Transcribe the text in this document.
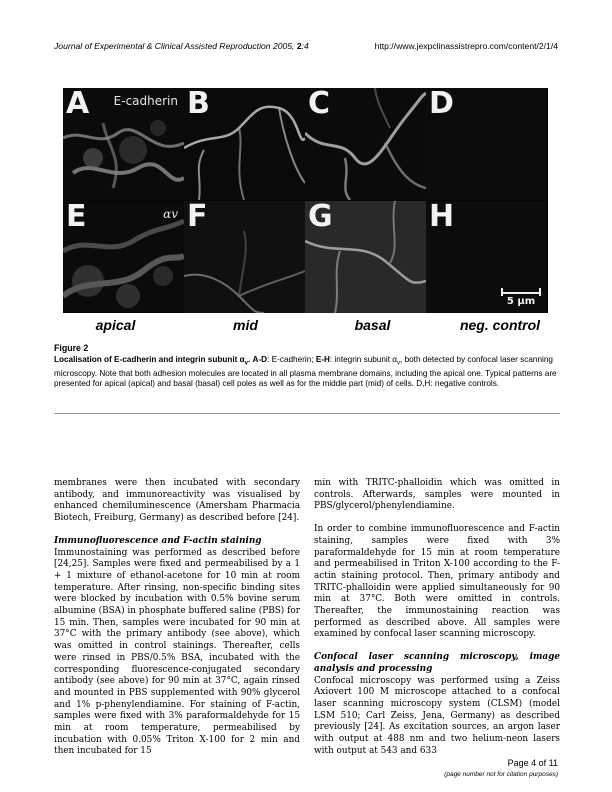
Journal of Experimental & Clinical Assisted Reproduction 2005, 2:4	http://www.jexpclinassistrepro.com/content/2/1/4
A E-cadherin B	C	D
E	αv F	G	H
5 µm
apical	mid	basal	neg. control
Figure 2
Localisation of E-cadherin and integrin subunit $\alpha_v$. A-D: E-cadherin; E-H: integrin subunit $\alpha_v$, both detected by confocal laser scanning microscopy. Note that both adhesion molecules are located in all plasma membrane domains, including the apical one. Typical patterns are presented for apical (apical) and basal (basal) cell poles as well as for the middle part (mid) of cells. D,H: negative controls.

membranes were then incubated with secondary antibody, and immunoreactivity was visualised by enhanced chemiluminescence (Amersham Pharmacia Biotech, Freiburg, Germany) as described before [24].

Immunofluorescence and F-actin staining

Immunostaining was performed as described before [24,25]. Samples were fixed and permeabilised by a 1 + 1 mixture of ethanol-acetone for 10 min at room temperature. After rinsing, non-specific binding sites were blocked by incubation with 0.5% bovine serum albumine (BSA) in phosphate buffered saline (PBS) for 15 min. Then, samples were incubated for 90 min at 37°C with the primary antibody (see above), which was omitted in control stainings. Thereafter, cells were rinsed in PBS/0.5% BSA, incubated with the corresponding fluorescence-conjugated secondary antibody (see above) for 90 min at 37°C, again rinsed and mounted in PBS supplemented with 90% glycerol and 1% p-phenylendiamine. For staining of F-actin, samples were fixed with 3% paraformaldehyde for 15 min at room temperature, permeabilised by incubation with 0.05% Triton X-100 for 2 min and then incubated for 15

min with TRITC-phalloidin which was omitted in controls. Afterwards, samples were mounted in PBS/glycerol/phenylendiamine.

In order to combine immunofluorescence and F-actin staining, samples were fixed with 3% paraformaldehyde for 15 min at room temperature and permeabilised in Triton X-100 according to the F-actin staining protocol. Then, primary antibody and TRITC-phalloidin were applied simultaneously for 90 min at 37°C. Both were omitted in controls. Thereafter, the immunostaining reaction was performed as described above. All samples were examined by confocal laser scanning microscopy.

Confocal laser scanning microscopy, image analysis and processing

Confocal microscopy was performed using a Zeiss Axiovert 100 M microscope attached to a confocal laser scanning microscopy system (CLSM) (model LSM 510; Carl Zeiss, Jena, Germany) as described previously [24]. As excitation sources, an argon laser with output at 488 nm and two helium-neon lasers with output at 543 and 633

Page 4 of 11
(page number not for citation purposes)
